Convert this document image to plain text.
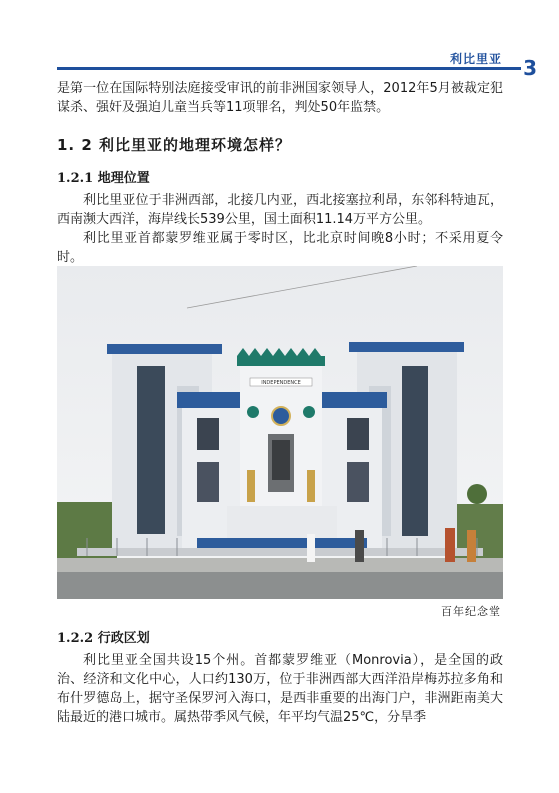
利比里亚 3

是第一位在国际特别法庭接受审讯的前非洲国家领导人，2012年5月被裁定犯谋杀、强奸及强迫儿童当兵等11项罪名，判处50年监禁。

1. 2 利比里亚的地理环境怎样？
1.2.1 地理位置

利比里亚位于非洲西部，北接几内亚，西北接塞拉利昂，东邻科特迪瓦，西南濒大西洋，海岸线长539公里，国土面积11.14万平方公里。

利比里亚首都蒙罗维亚属于零时区，比北京时间晚8小时；不采用夏令时。

INDEPENDENCE
百年纪念堂
1.2.2 行政区划

利比里亚全国共设15个州。首都蒙罗维亚（Monrovia），是全国的政治、经济和文化中心，人口约130万，位于非洲西部大西洋沿岸梅苏拉多角和布什罗德岛上，据守圣保罗河入海口，是西非重要的出海门户，非洲距南美大陆最近的港口城市。属热带季风气候，年平均气温25℃，分旱季
